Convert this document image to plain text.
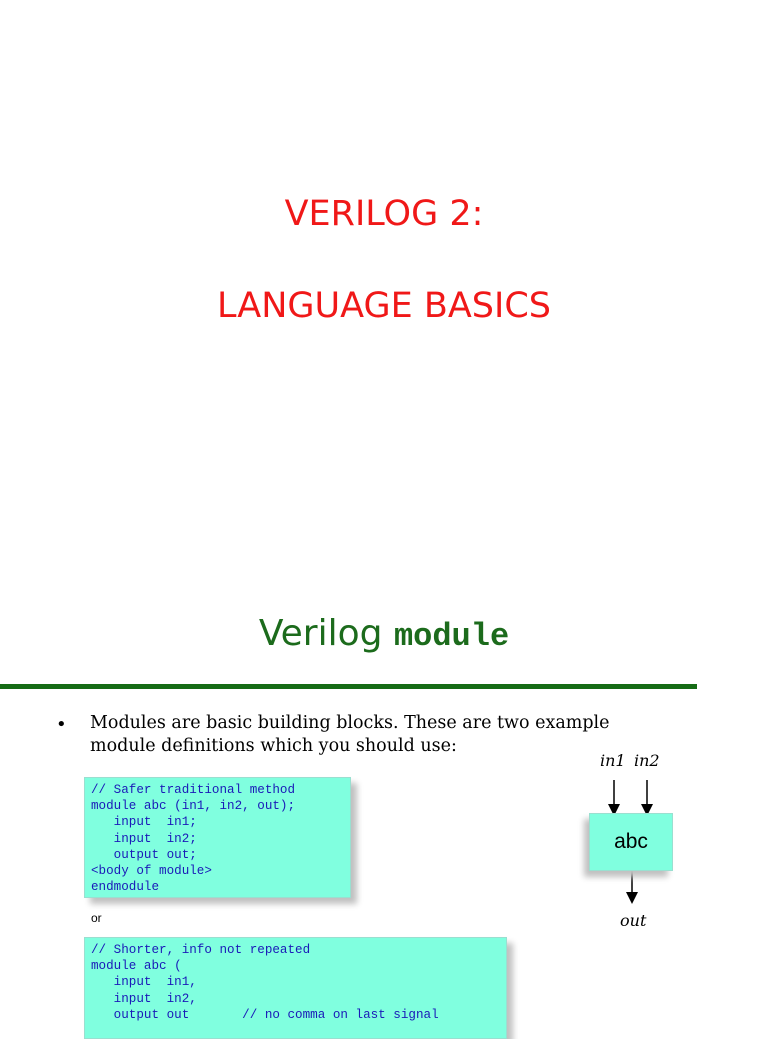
VERILOG 2:
LANGUAGE BASICS
Verilog module
• Modules are basic building blocks. These are two example module definitions which you should use:
// Safer traditional method
module abc (in1, in2, out);
input  in1;
input  in2;
output out;
<body of module>
endmodule
or
// Shorter, info not repeated
module abc (
input  in1,
input  in2,
output out       // no comma on last signal
in1 in2
abc
out
